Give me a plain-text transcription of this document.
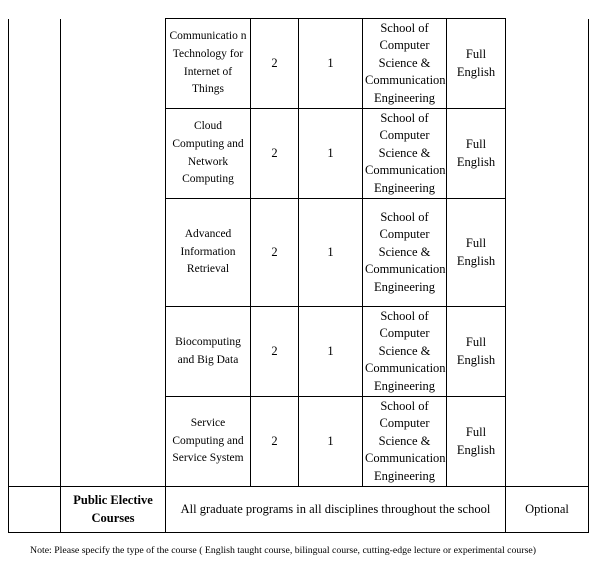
		Communicatio n Technology for Internet of Things	2	1	School of Computer Science & Communication Engineering	Full English	
		Cloud Computing and Network Computing	2	1	School of Computer Science & Communication Engineering	Full English	
		Advanced Information Retrieval	2	1	School of Computer Science & Communication Engineering	Full English	
		Biocomputing and Big Data	2	1	School of Computer Science & Communication Engineering	Full English	
		Service Computing and Service System	2	1	School of Computer Science & Communication Engineering	Full English	
	Public Elective Courses	All graduate programs in all disciplines throughout the school					Optional

Note: Please specify the type of the course ( English taught course, bilingual course, cutting-edge lecture or experimental course)
